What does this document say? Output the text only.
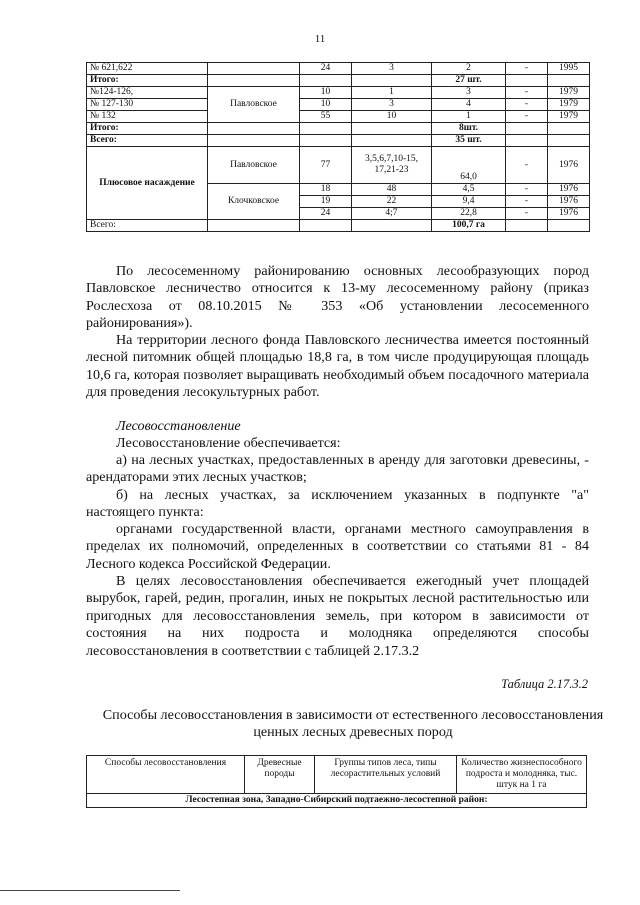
11
№ 621,622		24	3	2	-	1995
Итого:				27 шт.		
№124-126,	Павловское	10	1	3	-	1979
№ 127-130		10	3	4	-	1979
№ 132		55	10	1	-	1979
Итого:				8шт.		
Всего:				35 шт.		
Плюсовое насаждение	Павловское	77	3,5,6,7,10-15, 17,21-23	64,0	-	1976
	Клочковское	18	48	4,5	-	1976
		19	22	9,4	-	1976
		24	4;7	22,8	-	1976
Всего:				100,7 га		

По лесосеменному районированию основных лесообразующих пород Павловское лесничество относится к 13-му лесосеменному району (приказ Рослесхоза от 08.10.2015 № 353 «Об установлении лесосеменного районирования»).

На территории лесного фонда Павловского лесничества имеется постоянный лесной питомник общей площадью 18,8 га, в том числе продуцирующая площадь 10,6 га, которая позволяет выращивать необходимый объем посадочного материала для проведения лесокультурных работ.

Лесовосстановление

Лесовосстановление обеспечивается:

а) на лесных участках, предоставленных в аренду для заготовки древесины, - арендаторами этих лесных участков;

б) на лесных участках, за исключением указанных в подпункте "а" настоящего пункта:

органами государственной власти, органами местного самоуправления в пределах их полномочий, определенных в соответствии со статьями 81 - 84 Лесного кодекса Российской Федерации.

В целях лесовосстановления обеспечивается ежегодный учет площадей вырубок, гарей, редин, прогалин, иных не покрытых лесной растительностью или пригодных для лесовосстановления земель, при котором в зависимости от состояния на них подроста и молодняка определяются способы лесовосстановления в соответствии с таблицей 2.17.3.2

Таблица 2.17.3.2

Способы лесовосстановления в зависимости от естественного лесовосстановления ценных лесных древесных пород

Способы лесовосстановления	Древесные породы	Группы типов леса, типы лесорастительных условий	Количество жизнеспособного подроста и молодняка, тыс. штук на 1 га
Лесостепная зона, Западно-Сибирский подтаежно-лесостепной район:
